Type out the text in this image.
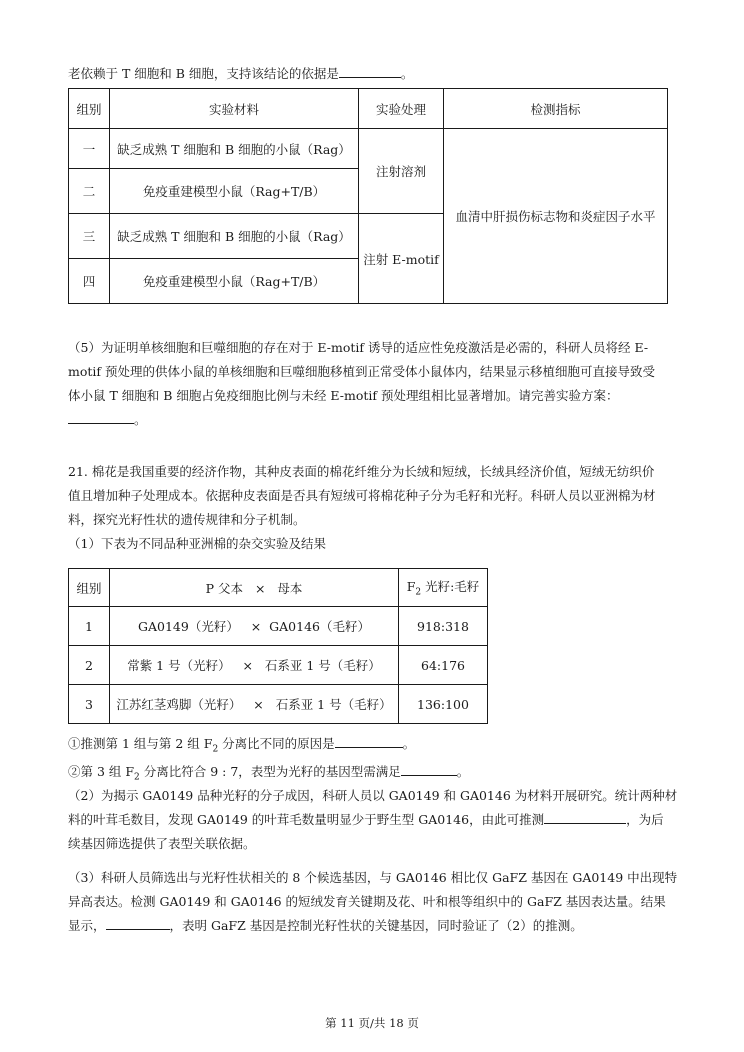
老依赖于 T 细胞和 B 细胞，支持该结论的依据是	。
组别	实验材料	实验处理	检测指标
一	缺乏成熟 T 细胞和 B 细胞的小鼠（Rag）	注射溶剂	血清中肝损伤标志物和炎症因子水平
二	免疫重建模型小鼠（Rag+T/B）		
三	缺乏成熟 T 细胞和 B 细胞的小鼠（Rag）	注射 E-motif	
四	免疫重建模型小鼠（Rag+T/B）		
（5）为证明单核细胞和巨噬细胞的存在对于 E-motif 诱导的适应性免疫激活是必需的，科研人员将经 E-
motif 预处理的供体小鼠的单核细胞和巨噬细胞移植到正常受体小鼠体内，结果显示移植细胞可直接导致受
体小鼠 T 细胞和 B 细胞占免疫细胞比例与未经 E-motif 预处理组相比显著增加。请完善实验方案：
。
21. 棉花是我国重要的经济作物，其种皮表面的棉花纤维分为长绒和短绒，长绒具经济价值，短绒无纺织价
值且增加种子处理成本。依据种皮表面是否具有短绒可将棉花种子分为毛籽和光籽。科研人员以亚洲棉为材
料，探究光籽性状的遗传规律和分子机制。
（1）下表为不同品种亚洲棉的杂交实验及结果
组别	P 父本   ×   母本	$F_2$ 光籽:毛籽
1	GA0149（光籽）   ×  GA0146（毛籽）	918:318
2	常紫 1 号（光籽）   ×   石系亚 1 号（毛籽）	64:176
3	江苏红茎鸡脚（光籽）   ×   石系亚 1 号（毛籽）	136:100
①推测第 1 组与第 2 组 $F_2$ 分离比不同的原因是	。
②第 3 组 $F_2$ 分离比符合 9 : 7，表型为光籽的基因型需满足	。
（2）为揭示 GA0149 品种光籽的分子成因，科研人员以 GA0149 和 GA0146 为材料开展研究。统计两种材
料的叶茸毛数目，发现 GA0149 的叶茸毛数量明显少于野生型 GA0146，由此可推测	，为后
续基因筛选提供了表型关联依据。
（3）科研人员筛选出与光籽性状相关的 8 个候选基因，与 GA0146 相比仅 GaFZ 基因在 GA0149 中出现特
异高表达。检测 GA0149 和 GA0146 的短绒发育关键期及花、叶和根等组织中的 GaFZ 基因表达量。结果
显示，	，表明 GaFZ 基因是控制光籽性状的关键基因，同时验证了（2）的推测。
第 11 页/共 18 页
